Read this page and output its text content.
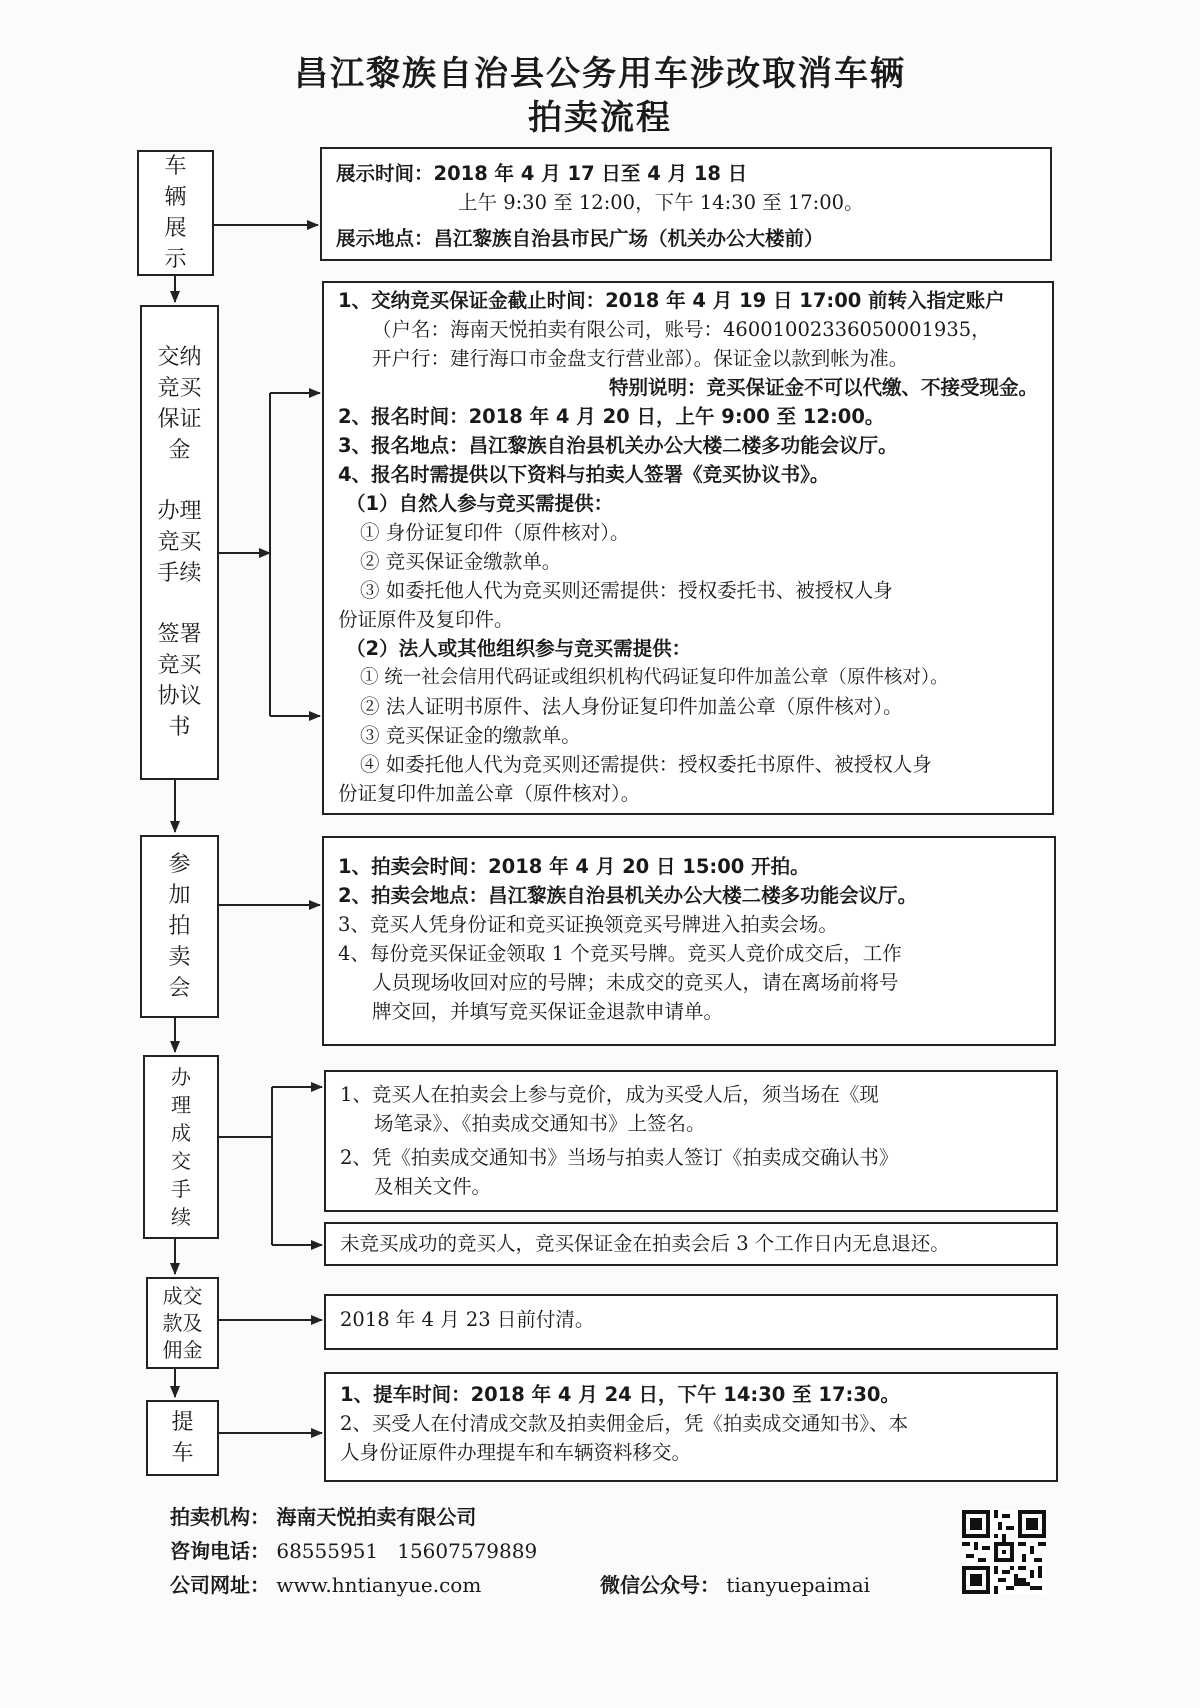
昌江黎族自治县公务用车涉改取消车辆
拍卖流程
车
辆
展
示

展示时间：2018 年 4 月 17 日至 4 月 18 日

上午 9:30 至 12:00，下午 14:30 至 17:00。

展示地点：昌江黎族自治县市民广场（机关办公大楼前）

交纳
竞买
保证
金
办理
竞买
手续
签署
竞买
协议
书

1、交纳竞买保证金截止时间：2018 年 4 月 19 日 17:00 前转入指定账户

（户名：海南天悦拍卖有限公司，账号：46001002336050001935，

开户行：建行海口市金盘支行营业部）。保证金以款到帐为准。

特别说明：竞买保证金不可以代缴、不接受现金。

2、报名时间：2018 年 4 月 20 日，上午 9:00 至 12:00。

3、报名地点：昌江黎族自治县机关办公大楼二楼多功能会议厅。

4、报名时需提供以下资料与拍卖人签署《竞买协议书》。

（1）自然人参与竞买需提供：

① 身份证复印件（原件核对）。

② 竞买保证金缴款单。

③ 如委托他人代为竞买则还需提供：授权委托书、被授权人身

份证原件及复印件。

（2）法人或其他组织参与竞买需提供：

① 统一社会信用代码证或组织机构代码证复印件加盖公章（原件核对）。

② 法人证明书原件、法人身份证复印件加盖公章（原件核对）。

③ 竞买保证金的缴款单。

④ 如委托他人代为竞买则还需提供：授权委托书原件、被授权人身

份证复印件加盖公章（原件核对）。

参
加
拍
卖
会

1、拍卖会时间：2018 年 4 月 20 日 15:00 开拍。

2、拍卖会地点：昌江黎族自治县机关办公大楼二楼多功能会议厅。

3、竞买人凭身份证和竞买证换领竞买号牌进入拍卖会场。

4、每份竞买保证金领取 1 个竞买号牌。竞买人竞价成交后，工作

人员现场收回对应的号牌；未成交的竞买人，请在离场前将号

牌交回，并填写竞买保证金退款申请单。

办
理
成
交
手
续

1、竞买人在拍卖会上参与竞价，成为买受人后，须当场在《现

场笔录》、《拍卖成交通知书》上签名。

2、凭《拍卖成交通知书》当场与拍卖人签订《拍卖成交确认书》

及相关文件。

未竞买成功的竞买人，竞买保证金在拍卖会后 3 个工作日内无息退还。

成交
款及
佣金

2018 年 4 月 23 日前付清。

提
车

1、提车时间：2018 年 4 月 24 日，下午 14:30 至 17:30。

2、买受人在付清成交款及拍卖佣金后，凭《拍卖成交通知书》、本

人身份证原件办理提车和车辆资料移交。

拍卖机构： 海南天悦拍卖有限公司
咨询电话： 68555951   15607579889
公司网址： www.hntianyue.com	微信公众号： tianyuepaimai
